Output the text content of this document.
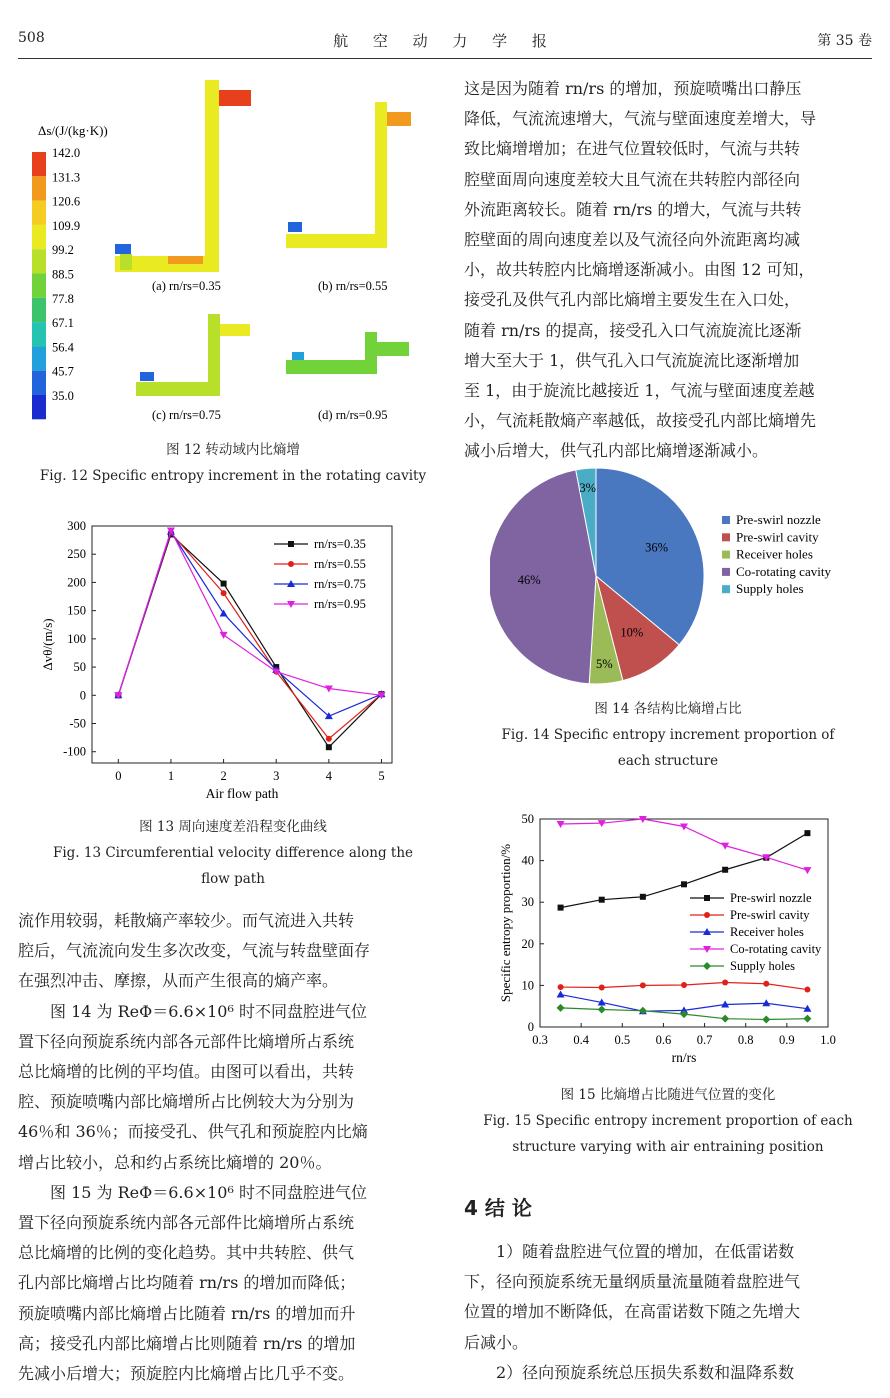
508	航 空 动 力 学 报	第 35 卷
Δs/(J/(kg·K))
(a) rn/rs=0.35	(b) rn/rs=0.55
(c) rn/rs=0.75	(d) rn/rs=0.95
142.0
131.3
120.6
109.9
99.2
88.5
77.8
67.1
56.4
45.7
35.0
图 12 转动域内比熵增
Fig. 12 Specific entropy increment in the rotating cavity
-100
-50
0
50
100
150
200
250
300
0	1	2	3	4	5
Air flow path
Δvθ/(m/s)
rn/rs=0.35
rn/rs=0.55
rn/rs=0.75
rn/rs=0.95
图 13 周向速度差沿程变化曲线
Fig. 13 Circumferential velocity difference along the
flow path

流作用较弱，耗散熵产率较少。而气流进入共转

腔后，气流流向发生多次改变，气流与转盘壁面存

在强烈冲击、摩擦，从而产生很高的熵产率。

　　图 14 为 ReΦ＝6.6×10⁶ 时不同盘腔进气位

置下径向预旋系统内部各元部件比熵增所占系统

总比熵增的比例的平均值。由图可以看出，共转

腔、预旋喷嘴内部比熵增所占比例较大为分别为

46％和 36％；而接受孔、供气孔和预旋腔内比熵

增占比较小，总和约占系统比熵增的 20％。

　　图 15 为 ReΦ＝6.6×10⁶ 时不同盘腔进气位

置下径向预旋系统内部各元部件比熵增所占系统

总比熵增的比例的变化趋势。其中共转腔、供气

孔内部比熵增占比均随着 rn/rs 的增加而降低；

预旋喷嘴内部比熵增占比随着 rn/rs 的增加而升

高；接受孔内部比熵增占比则随着 rn/rs 的增加

先减小后增大；预旋腔内比熵增占比几乎不变。

这是因为随着 rn/rs 的增加，预旋喷嘴出口静压

降低，气流流速增大，气流与壁面速度差增大，导

致比熵增增加；在进气位置较低时，气流与共转

腔壁面周向速度差较大且气流在共转腔内部径向

外流距离较长。随着 rn/rs 的增大，气流与共转

腔壁面的周向速度差以及气流径向外流距离均减

小，故共转腔内比熵增逐渐减小。由图 12 可知，

接受孔及供气孔内部比熵增主要发生在入口处，

随着 rn/rs 的提高，接受孔入口气流旋流比逐渐

增大至大于 1，供气孔入口气流旋流比逐渐增加

至 1，由于旋流比越接近 1，气流与壁面速度差越

小，气流耗散熵产率越低，故接受孔内部比熵增先

减小后增大，供气孔内部比熵增逐渐减小。

36%
Pre-swirl nozzle
10%
Pre-swirl cavity
5%
Receiver holes
46%
Co-rotating cavity
3%
Supply holes
图 14 各结构比熵增占比
Fig. 14 Specific entropy increment proportion of
each structure
0
10
20
30
40
50
0.3 0.4 0.5 0.6 0.7 0.8 0.9 1.0
rn/rs
Specific entropy proportion/%	Pre-swirl nozzle
Pre-swirl cavity
Receiver holes
Co-rotating cavity
Supply holes
图 15 比熵增占比随进气位置的变化
Fig. 15 Specific entropy increment proportion of each
structure varying with air entraining position
4 结 论

　　1）随着盘腔进气位置的增加，在低雷诺数

下，径向预旋系统无量纲质量流量随着盘腔进气

位置的增加不断降低，在高雷诺数下随之先增大

后减小。

　　2）径向预旋系统总压损失系数和温降系数
